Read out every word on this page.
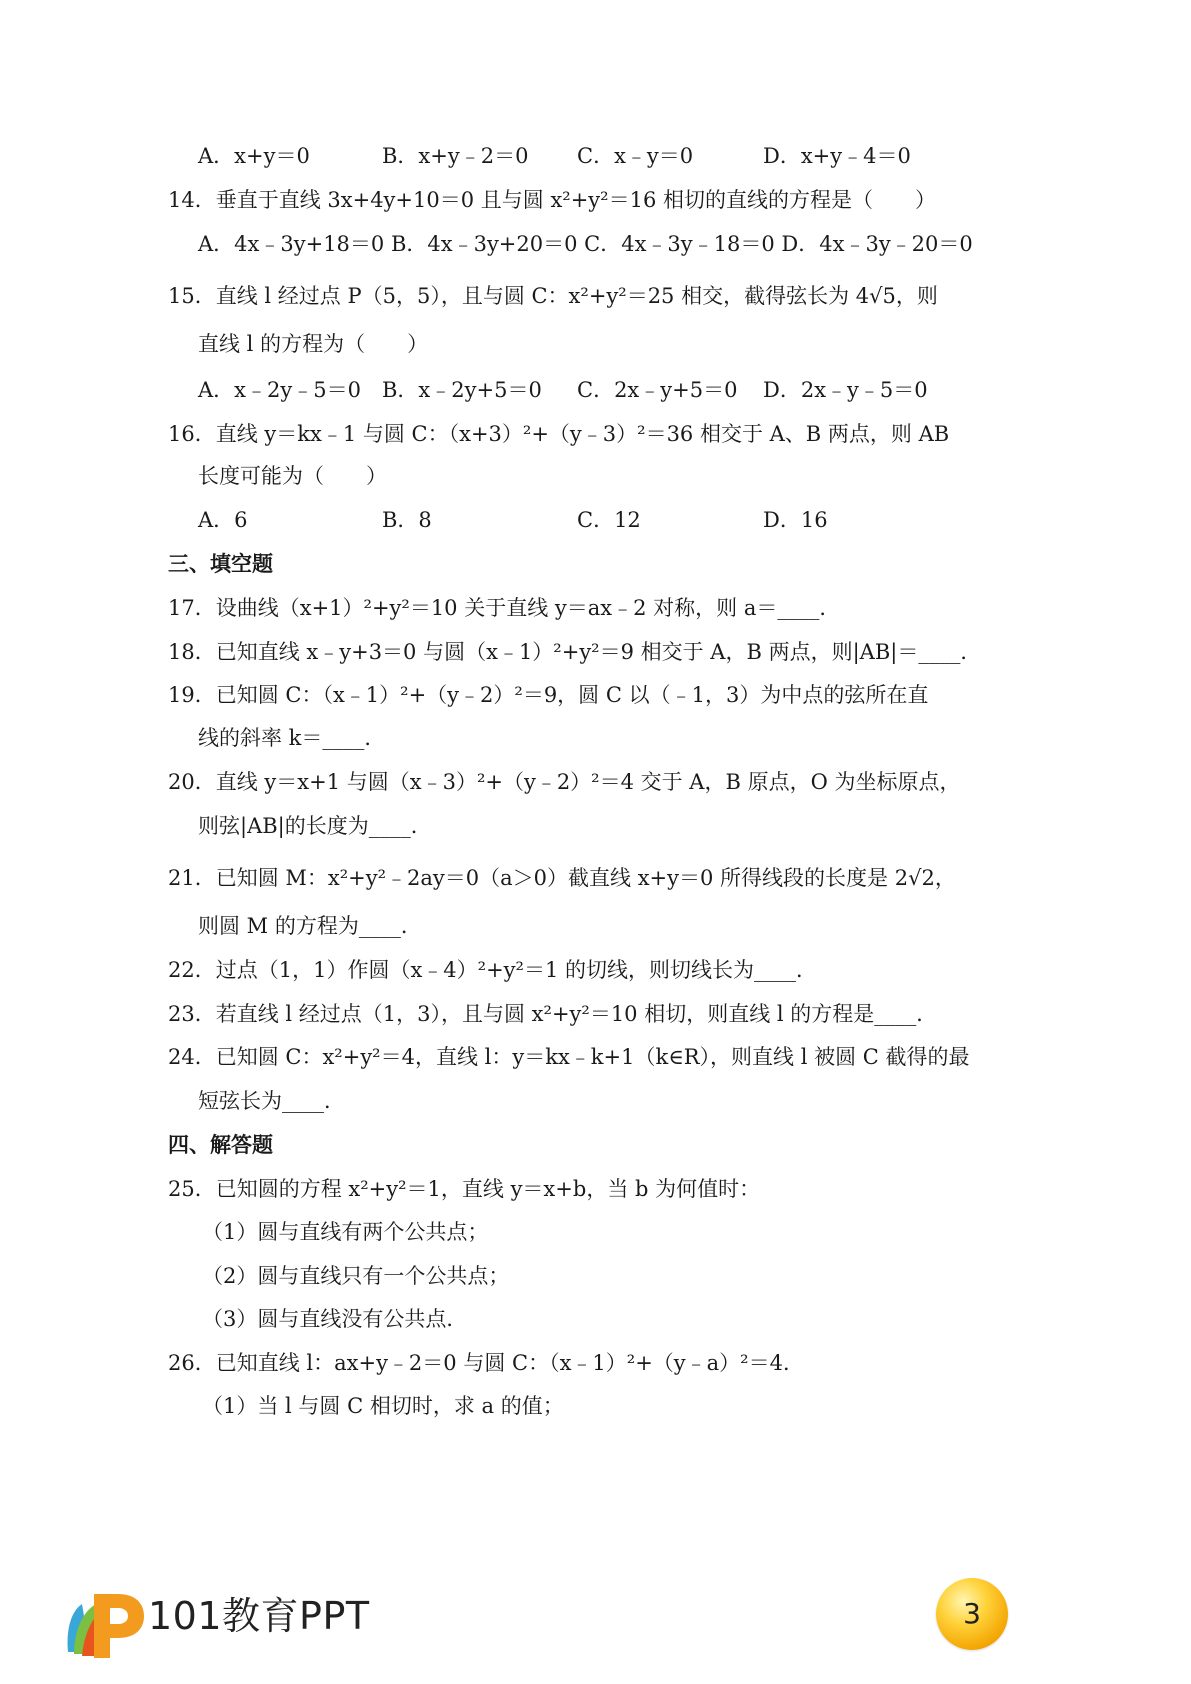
A．x+y＝0	B．x+y﹣2＝0 C．x﹣y＝0	D．x+y﹣4＝0
14．垂直于直线 3x+4y+10＝0 且与圆 x²+y²＝16 相切的直线的方程是（　　）
A．4x﹣3y+18＝0 B．4x﹣3y+20＝0 C．4x﹣3y﹣18＝0 D．4x﹣3y﹣20＝0
15．直线 l 经过点 P（5，5），且与圆 C：x²+y²＝25 相交，截得弦长为 4√5，则
直线 l 的方程为（　　）
A．x﹣2y﹣5＝0 B．x﹣2y+5＝0 C．2x﹣y+5＝0 D．2x﹣y﹣5＝0
16．直线 y＝kx﹣1 与圆 C：（x+3）²+（y﹣3）²＝36 相交于 A、B 两点，则 AB
长度可能为（　　）
A．6	B．8	C．12	D．16
三、填空题
17．设曲线（x+1）²+y²＝10 关于直线 y＝ax﹣2 对称，则 a＝____．
18．已知直线 x﹣y+3＝0 与圆（x﹣1）²+y²＝9 相交于 A，B 两点，则|AB|＝____．
19．已知圆 C：（x﹣1）²+（y﹣2）²＝9，圆 C 以（﹣1，3）为中点的弦所在直
线的斜率 k＝____．
20．直线 y＝x+1 与圆（x﹣3）²+（y﹣2）²＝4 交于 A，B 原点，O 为坐标原点，
则弦|AB|的长度为____．
21．已知圆 M：x²+y²﹣2ay＝0（a＞0）截直线 x+y＝0 所得线段的长度是 2√2，
则圆 M 的方程为____．
22．过点（1，1）作圆（x﹣4）²+y²＝1 的切线，则切线长为____．
23．若直线 l 经过点（1，3），且与圆 x²+y²＝10 相切，则直线 l 的方程是____．
24．已知圆 C：x²+y²＝4，直线 l：y＝kx﹣k+1（k∈R），则直线 l 被圆 C 截得的最
短弦长为____．
四、解答题
25．已知圆的方程 x²+y²＝1，直线 y＝x+b，当 b 为何值时：
（1）圆与直线有两个公共点；
（2）圆与直线只有一个公共点；
（3）圆与直线没有公共点．
26．已知直线 l：ax+y﹣2＝0 与圆 C：（x﹣1）²+（y﹣a）²＝4．
（1）当 l 与圆 C 相切时，求 a 的值；
101教育PPT	3
